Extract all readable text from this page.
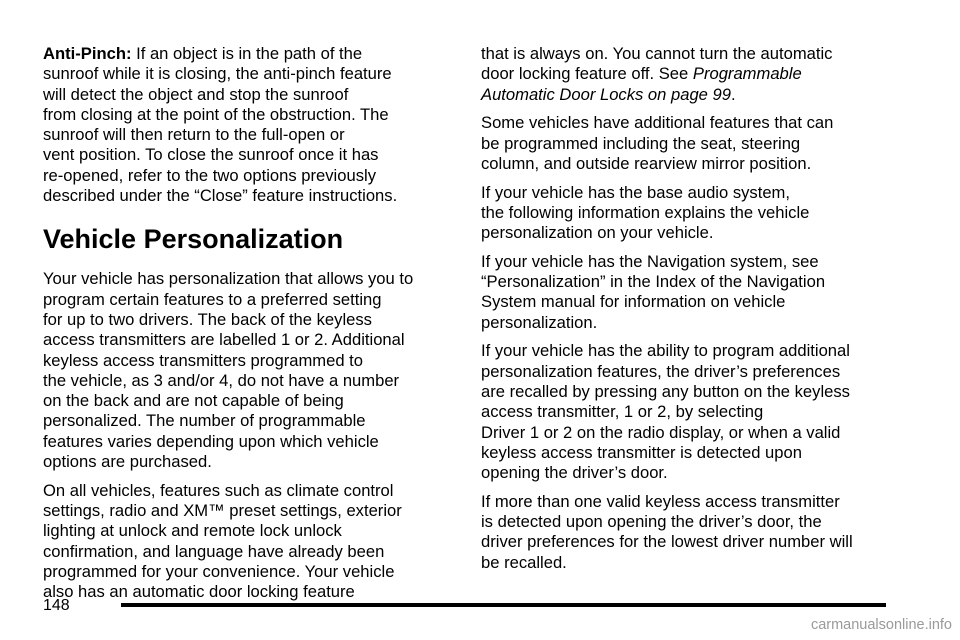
Anti-Pinch: If an object is in the path of the
sunroof while it is closing, the anti-pinch feature
will detect the object and stop the sunroof
from closing at the point of the obstruction. The
sunroof will then return to the full-open or
vent position. To close the sunroof once it has
re-opened, refer to the two options previously
described under the “Close” feature instructions.

Vehicle Personalization

Your vehicle has personalization that allows you to
program certain features to a preferred setting
for up to two drivers. The back of the keyless
access transmitters are labelled 1 or 2. Additional
keyless access transmitters programmed to
the vehicle, as 3 and/or 4, do not have a number
on the back and are not capable of being
personalized. The number of programmable
features varies depending upon which vehicle
options are purchased.

On all vehicles, features such as climate control
settings, radio and XM™ preset settings, exterior
lighting at unlock and remote lock unlock
confirmation, and language have already been
programmed for your convenience. Your vehicle
also has an automatic door locking feature

that is always on. You cannot turn the automatic
door locking feature off. See Programmable
Automatic Door Locks on page 99.

Some vehicles have additional features that can
be programmed including the seat, steering
column, and outside rearview mirror position.

If your vehicle has the base audio system,
the following information explains the vehicle
personalization on your vehicle.

If your vehicle has the Navigation system, see
“Personalization” in the Index of the Navigation
System manual for information on vehicle
personalization.

If your vehicle has the ability to program additional
personalization features, the driver’s preferences
are recalled by pressing any button on the keyless
access transmitter, 1 or 2, by selecting
Driver 1 or 2 on the radio display, or when a valid
keyless access transmitter is detected upon
opening the driver’s door.

If more than one valid keyless access transmitter
is detected upon opening the driver’s door, the
driver preferences for the lowest driver number will
be recalled.

148
carmanualsonline.info
